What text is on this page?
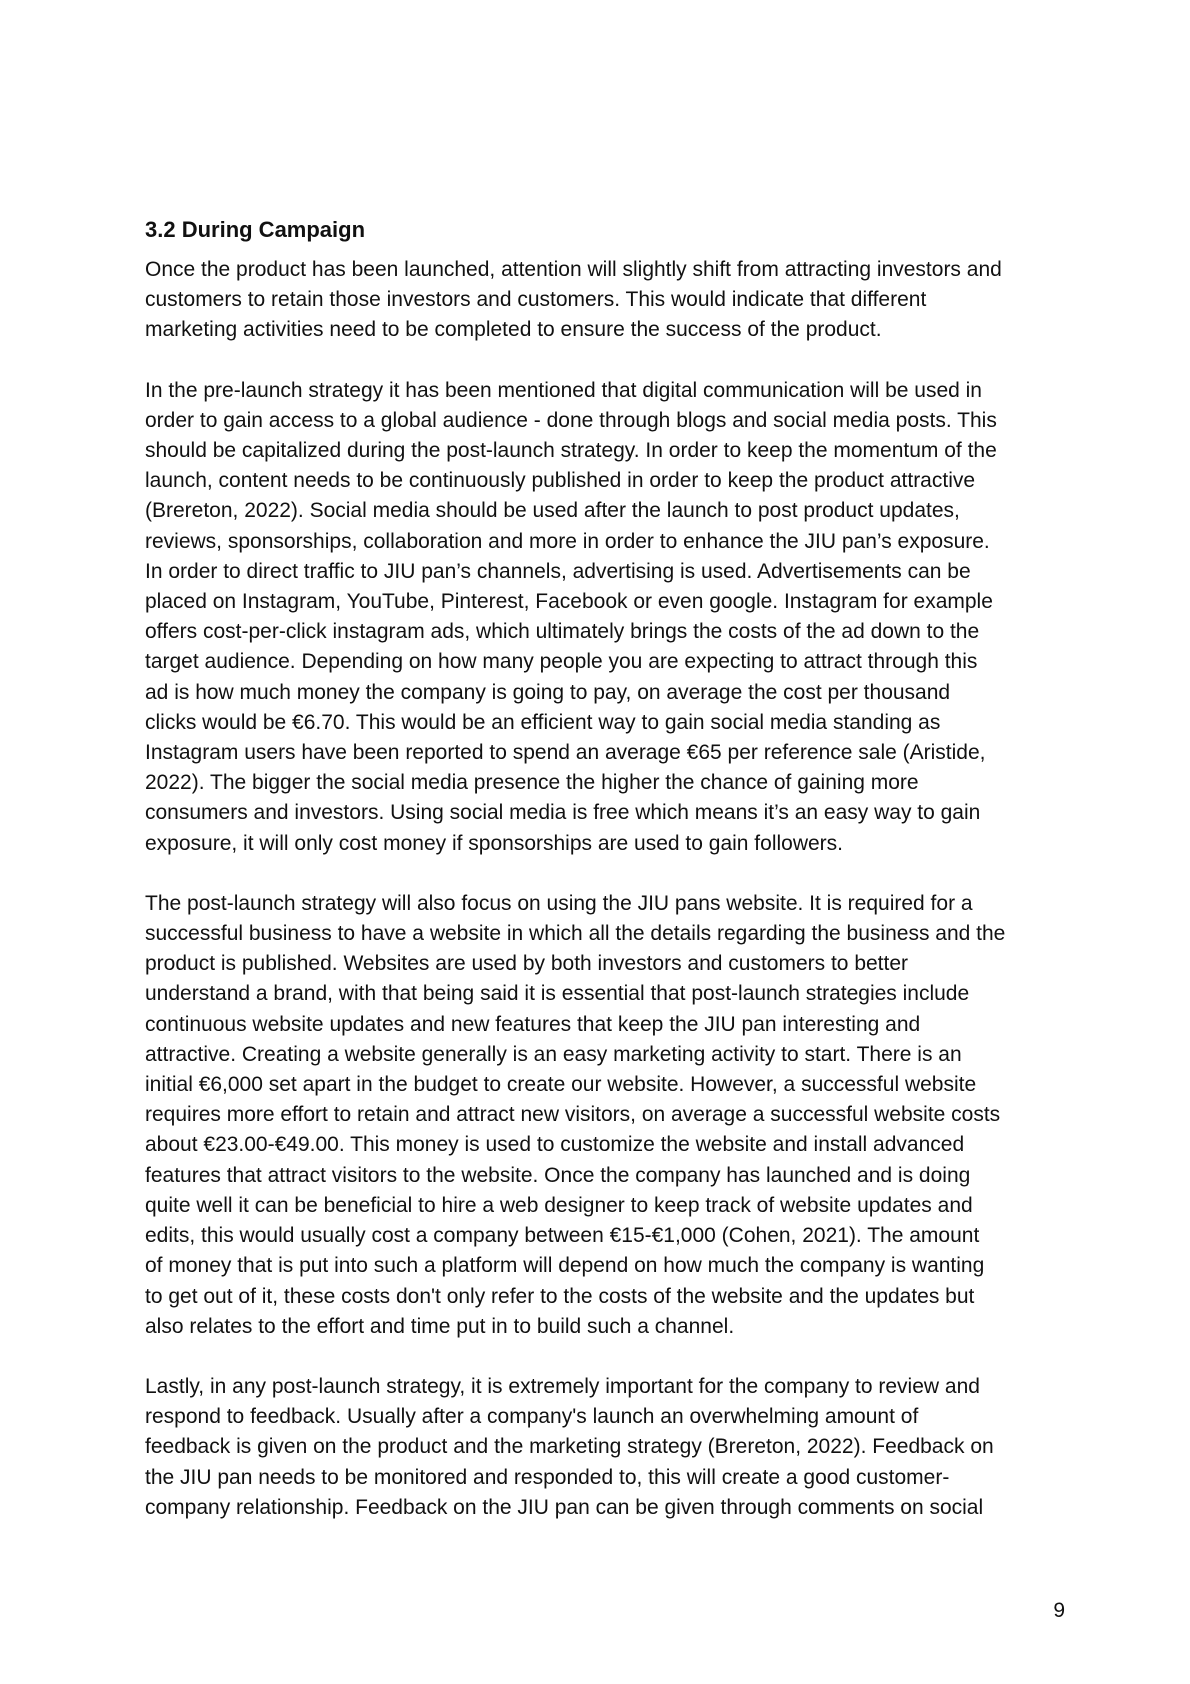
3.2 During Campaign

Once the product has been launched, attention will slightly shift from attracting investors and
customers to retain those investors and customers. This would indicate that different
marketing activities need to be completed to ensure the success of the product.

In the pre-launch strategy it has been mentioned that digital communication will be used in
order to gain access to a global audience - done through blogs and social media posts. This
should be capitalized during the post-launch strategy. In order to keep the momentum of the
launch, content needs to be continuously published in order to keep the product attractive
(Brereton, 2022). Social media should be used after the launch to post product updates,
reviews, sponsorships, collaboration and more in order to enhance the JIU pan’s exposure.
In order to direct traffic to JIU pan’s channels, advertising is used. Advertisements can be
placed on Instagram, YouTube, Pinterest, Facebook or even google. Instagram for example
offers cost-per-click instagram ads, which ultimately brings the costs of the ad down to the
target audience. Depending on how many people you are expecting to attract through this
ad is how much money the company is going to pay, on average the cost per thousand
clicks would be €6.70. This would be an efficient way to gain social media standing as
Instagram users have been reported to spend an average €65 per reference sale (Aristide,
2022). The bigger the social media presence the higher the chance of gaining more
consumers and investors. Using social media is free which means it’s an easy way to gain
exposure, it will only cost money if sponsorships are used to gain followers.

The post-launch strategy will also focus on using the JIU pans website. It is required for a
successful business to have a website in which all the details regarding the business and the
product is published. Websites are used by both investors and customers to better
understand a brand, with that being said it is essential that post-launch strategies include
continuous website updates and new features that keep the JIU pan interesting and
attractive. Creating a website generally is an easy marketing activity to start. There is an
initial €6,000 set apart in the budget to create our website. However, a successful website
requires more effort to retain and attract new visitors, on average a successful website costs
about €23.00-€49.00. This money is used to customize the website and install advanced
features that attract visitors to the website. Once the company has launched and is doing
quite well it can be beneficial to hire a web designer to keep track of website updates and
edits, this would usually cost a company between €15-€1,000 (Cohen, 2021). The amount
of money that is put into such a platform will depend on how much the company is wanting
to get out of it, these costs don't only refer to the costs of the website and the updates but
also relates to the effort and time put in to build such a channel.

Lastly, in any post-launch strategy, it is extremely important for the company to review and
respond to feedback. Usually after a company's launch an overwhelming amount of
feedback is given on the product and the marketing strategy (Brereton, 2022). Feedback on
the JIU pan needs to be monitored and responded to, this will create a good customer-
company relationship. Feedback on the JIU pan can be given through comments on social

9
